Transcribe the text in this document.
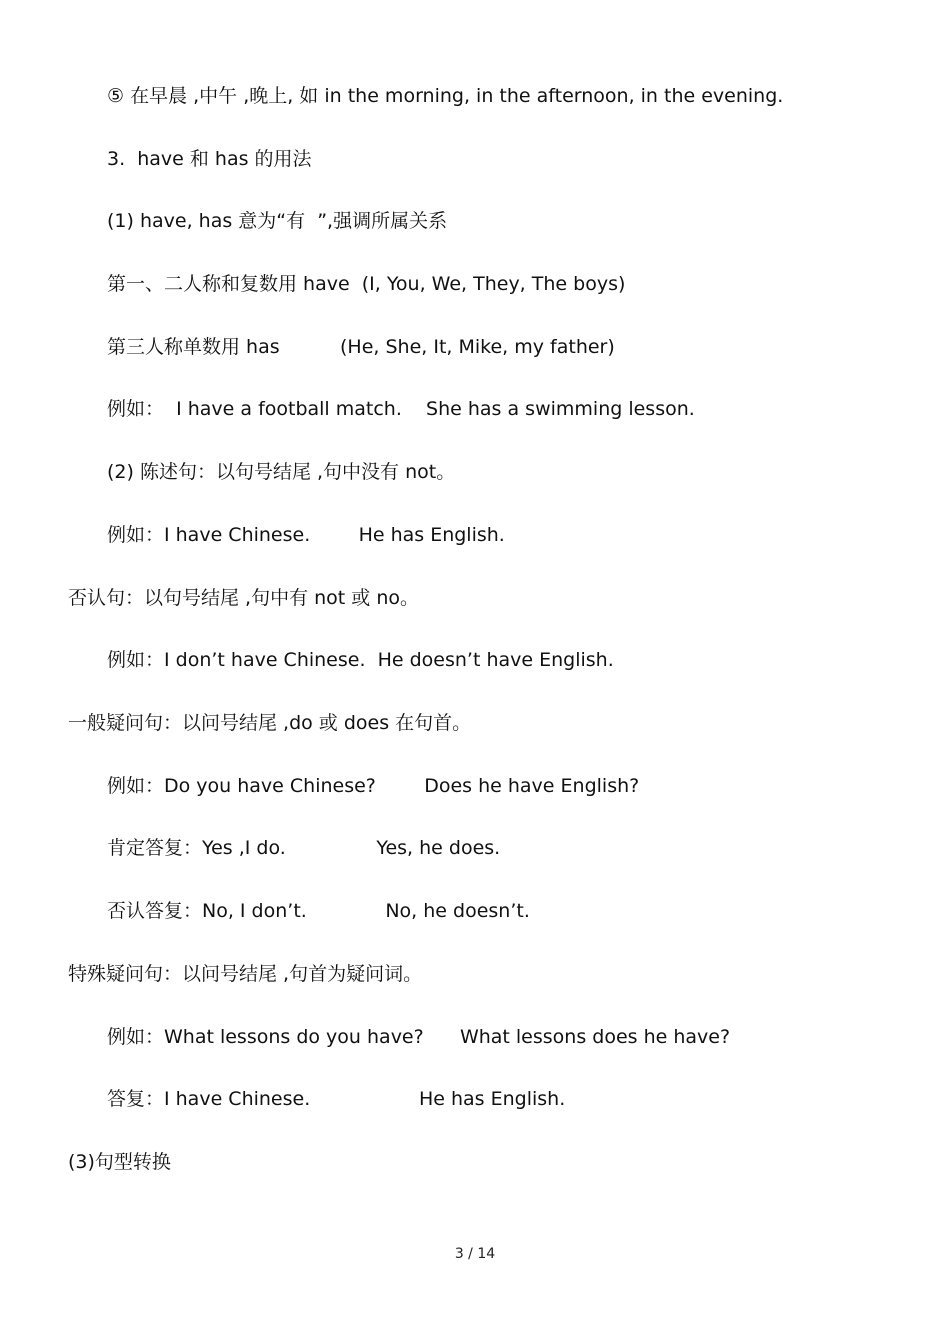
⑤ 在早晨 ,中午 ,晚上, 如 in the morning, in the afternoon, in the evening.
3.  have 和 has 的用法
(1) have, has 意为“有  ”,强调所属关系
第一、二人称和复数用 have  (I, You, We, They, The boys)
第三人称单数用 has          (He, She, It, Mike, my father)
例如：  I have a football match.    She has a swimming lesson.
(2) 陈述句：以句号结尾 ,句中没有 not。
例如：I have Chinese.        He has English.
否认句：以句号结尾 ,句中有 not 或 no。
例如：I don’t have Chinese.  He doesn’t have English.
一般疑问句：以问号结尾 ,do 或 does 在句首。
例如：Do you have Chinese?        Does he have English?
肯定答复：Yes ,I do.               Yes, he does.
否认答复：No, I don’t.             No, he doesn’t.
特殊疑问句：以问号结尾 ,句首为疑问词。
例如：What lessons do you have?      What lessons does he have?
答复：I have Chinese.                  He has English.
(3)句型转换
3 / 14
